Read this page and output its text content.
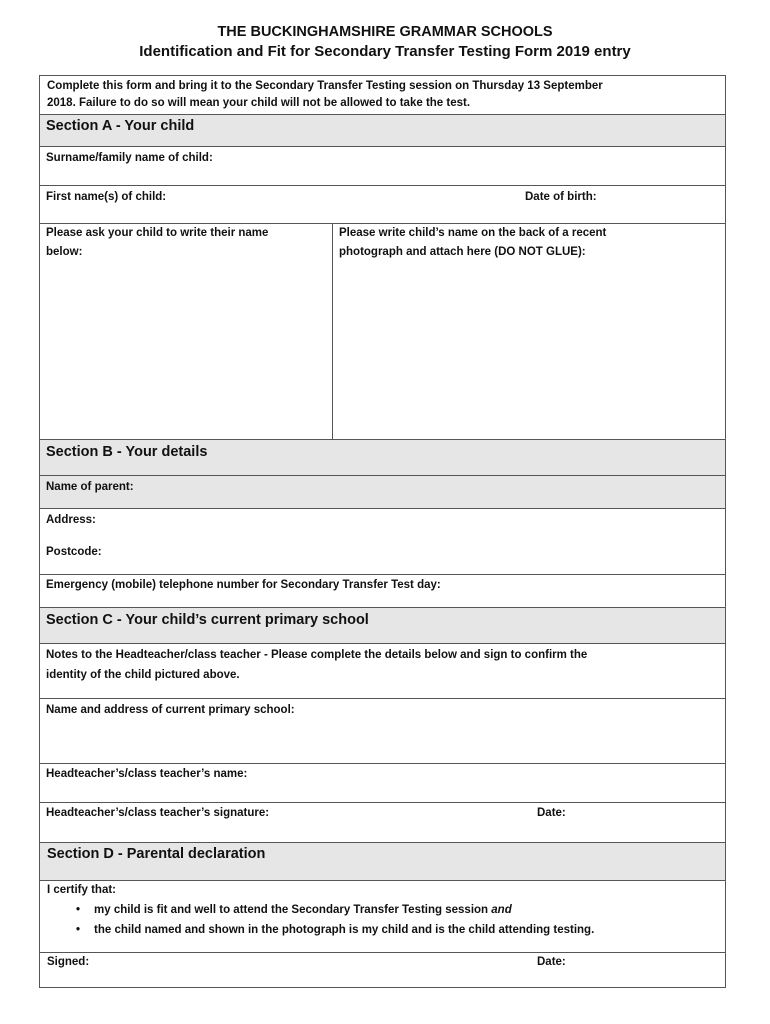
THE BUCKINGHAMSHIRE GRAMMAR SCHOOLS
Identification and Fit for Secondary Transfer Testing Form 2019 entry
Complete this form and bring it to the Secondary Transfer Testing session on Thursday 13 September
2018. Failure to do so will mean your child will not be allowed to take the test.
Section A - Your child
Surname/family name of child:
First name(s) of child:	Date of birth:
Please ask your child to write their name
below:
Please write child’s name on the back of a recent
photograph and attach here (DO NOT GLUE):
Section B - Your details
Name of parent:
Address:
Postcode:
Emergency (mobile) telephone number for Secondary Transfer Test day:
Section C - Your child’s current primary school
Notes to the Headteacher/class teacher - Please complete the details below and sign to confirm the
identity of the child pictured above.
Name and address of current primary school:
Headteacher’s/class teacher’s name:
Headteacher’s/class teacher’s signature:	Date:
Section D - Parental declaration
I certify that:
• my child is fit and well to attend the Secondary Transfer Testing session and
• the child named and shown in the photograph is my child and is the child attending testing.
Signed:	Date:
